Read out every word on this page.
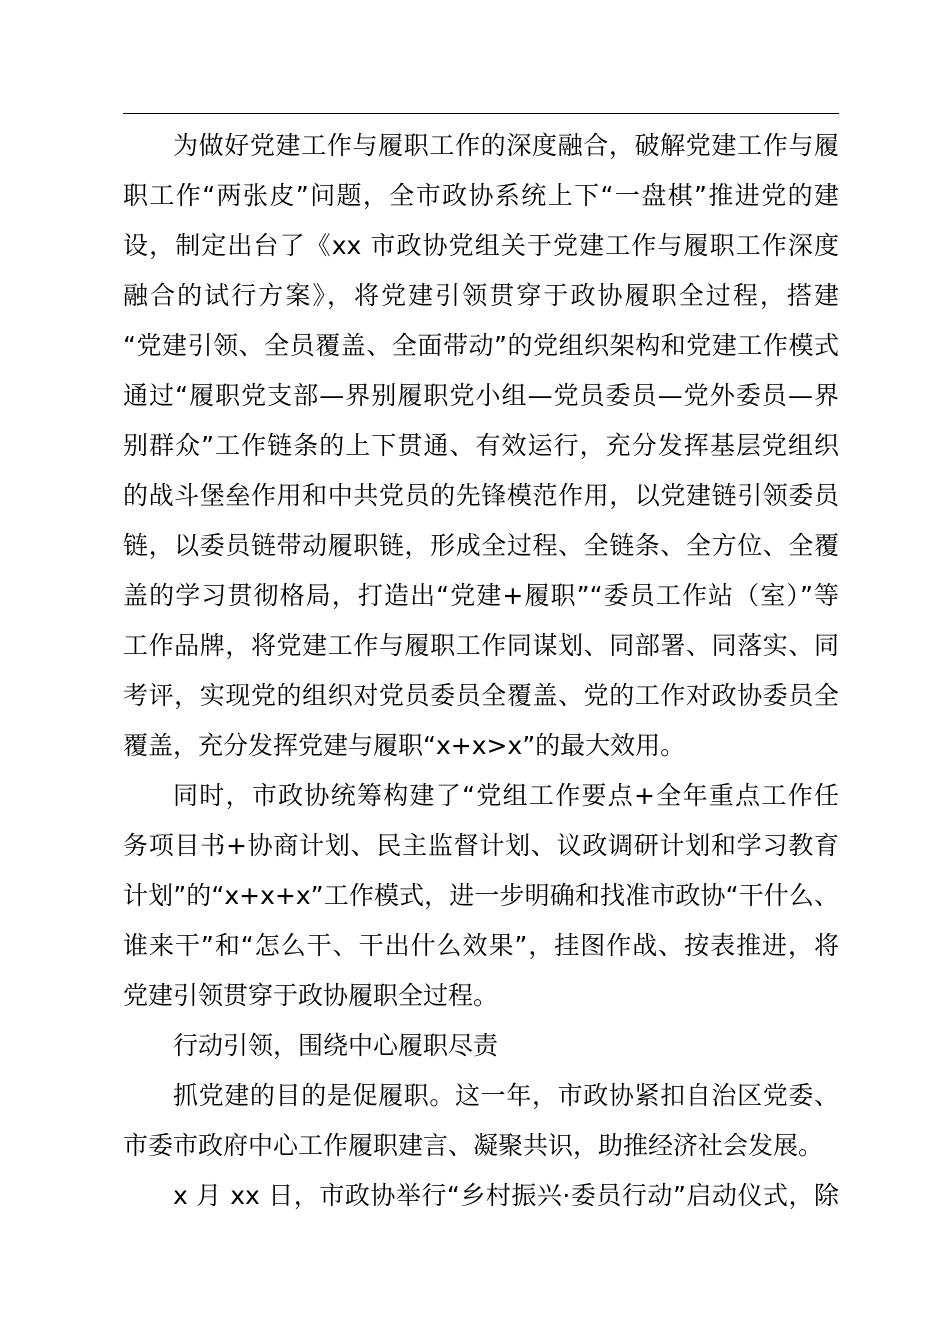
为做好党建工作与履职工作的深度融合，破解党建工作与履
职工作“两张皮”问题，全市政协系统上下“一盘棋”推进党的建
设，制定出台了《xx 市政协党组关于党建工作与履职工作深度
融合的试行方案》，将党建引领贯穿于政协履职全过程，搭建
“党建引领、全员覆盖、全面带动”的党组织架构和党建工作模式
通过“履职党支部—界别履职党小组—党员委员—党外委员—界
别群众”工作链条的上下贯通、有效运行，充分发挥基层党组织
的战斗堡垒作用和中共党员的先锋模范作用，以党建链引领委员
链，以委员链带动履职链，形成全过程、全链条、全方位、全覆
盖的学习贯彻格局，打造出“党建+履职”“委员工作站（室）”等
工作品牌，将党建工作与履职工作同谋划、同部署、同落实、同
考评，实现党的组织对党员委员全覆盖、党的工作对政协委员全
覆盖，充分发挥党建与履职“x+x>x”的最大效用。
同时，市政协统筹构建了“党组工作要点+全年重点工作任
务项目书+协商计划、民主监督计划、议政调研计划和学习教育
计划”的“x+x+x”工作模式，进一步明确和找准市政协“干什么、
谁来干”和“怎么干、干出什么效果”，挂图作战、按表推进，将
党建引领贯穿于政协履职全过程。
行动引领，围绕中心履职尽责
抓党建的目的是促履职。这一年，市政协紧扣自治区党委、
市委市政府中心工作履职建言、凝聚共识，助推经济社会发展。
x 月 xx 日，市政协举行“乡村振兴·委员行动”启动仪式，除
